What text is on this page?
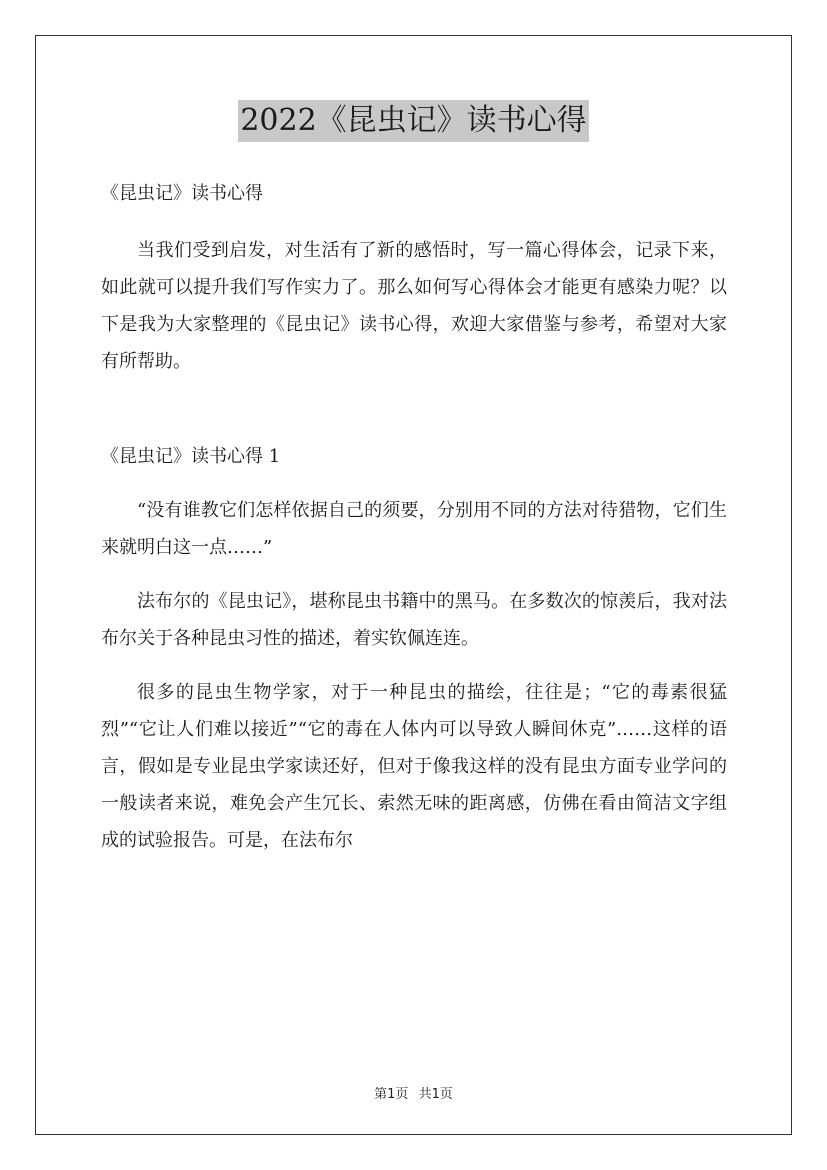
2022《昆虫记》读书心得

《昆虫记》读书心得

当我们受到启发，对生活有了新的感悟时，写一篇心得体会，记录下来，如此就可以提升我们写作实力了。那么如何写心得体会才能更有感染力呢？以下是我为大家整理的《昆虫记》读书心得，欢迎大家借鉴与参考，希望对大家有所帮助。

《昆虫记》读书心得 1

“没有谁教它们怎样依据自己的须要，分别用不同的方法对待猎物，它们生来就明白这一点……”

法布尔的《昆虫记》，堪称昆虫书籍中的黑马。在多数次的惊羡后，我对法布尔关于各种昆虫习性的描述，着实钦佩连连。

很多的昆虫生物学家，对于一种昆虫的描绘，往往是；“它的毒素很猛烈”“它让人们难以接近”“它的毒在人体内可以导致人瞬间休克”……这样的语言，假如是专业昆虫学家读还好，但对于像我这样的没有昆虫方面专业学问的一般读者来说，难免会产生冗长、索然无味的距离感，仿佛在看由简洁文字组成的试验报告。可是，在法布尔

第1页 共1页
